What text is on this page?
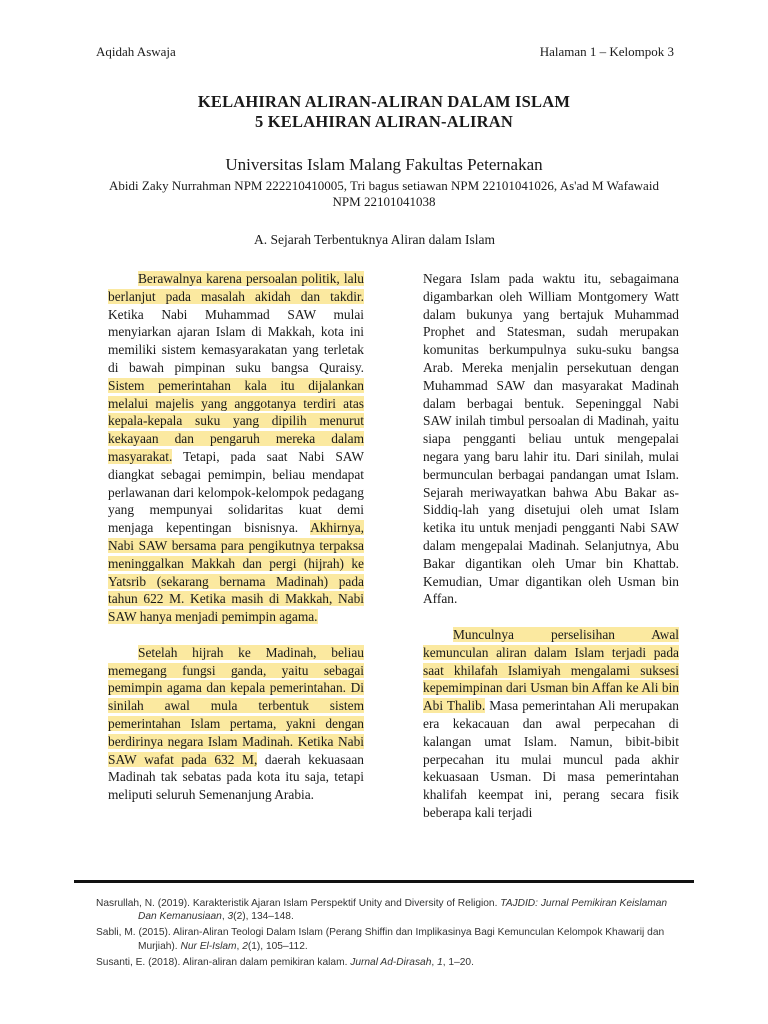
Aqidah Aswaja	Halaman 1 – Kelompok 3
KELAHIRAN ALIRAN-ALIRAN DALAM ISLAM
5 KELAHIRAN ALIRAN-ALIRAN
Universitas Islam Malang Fakultas Peternakan
Abidi Zaky Nurrahman NPM 222210410005, Tri bagus setiawan NPM 22101041026, As'ad M Wafawaid NPM 22101041038
A. Sejarah Terbentuknya Aliran dalam Islam

Berawalnya karena persoalan politik, lalu berlanjut pada masalah akidah dan takdir. Ketika Nabi Muhammad SAW mulai menyiarkan ajaran Islam di Makkah, kota ini memiliki sistem kemasyarakatan yang terletak di bawah pimpinan suku bangsa Quraisy. Sistem pemerintahan kala itu dijalankan melalui majelis yang anggotanya terdiri atas kepala-kepala suku yang dipilih menurut kekayaan dan pengaruh mereka dalam masyarakat. Tetapi, pada saat Nabi SAW diangkat sebagai pemimpin, beliau mendapat perlawanan dari kelompok-kelompok pedagang yang mempunyai solidaritas kuat demi menjaga kepentingan bisnisnya. Akhirnya, Nabi SAW bersama para pengikutnya terpaksa meninggalkan Makkah dan pergi (hijrah) ke Yatsrib (sekarang bernama Madinah) pada tahun 622 M. Ketika masih di Makkah, Nabi SAW hanya menjadi pemimpin agama.

Setelah hijrah ke Madinah, beliau memegang fungsi ganda, yaitu sebagai pemimpin agama dan kepala pemerintahan. Di sinilah awal mula terbentuk sistem pemerintahan Islam pertama, yakni dengan berdirinya negara Islam Madinah. Ketika Nabi SAW wafat pada 632 M, daerah kekuasaan Madinah tak sebatas pada kota itu saja, tetapi meliputi seluruh Semenanjung Arabia.

Negara Islam pada waktu itu, sebagaimana digambarkan oleh William Montgomery Watt dalam bukunya yang bertajuk Muhammad Prophet and Statesman, sudah merupakan komunitas berkumpulnya suku-suku bangsa Arab. Mereka menjalin persekutuan dengan Muhammad SAW dan masyarakat Madinah dalam berbagai bentuk. Sepeninggal Nabi SAW inilah timbul persoalan di Madinah, yaitu siapa pengganti beliau untuk mengepalai negara yang baru lahir itu. Dari sinilah, mulai bermunculan berbagai pandangan umat Islam. Sejarah meriwayatkan bahwa Abu Bakar as-Siddiq-lah yang disetujui oleh umat Islam ketika itu untuk menjadi pengganti Nabi SAW dalam mengepalai Madinah. Selanjutnya, Abu Bakar digantikan oleh Umar bin Khattab. Kemudian, Umar digantikan oleh Usman bin Affan.

Munculnya perselisihan Awal kemunculan aliran dalam Islam terjadi pada saat khilafah Islamiyah mengalami suksesi kepemimpinan dari Usman bin Affan ke Ali bin Abi Thalib. Masa pemerintahan Ali merupakan era kekacauan dan awal perpecahan di kalangan umat Islam. Namun, bibit-bibit perpecahan itu mulai muncul pada akhir kekuasaan Usman. Di masa pemerintahan khalifah keempat ini, perang secara fisik beberapa kali terjadi

Nasrullah, N. (2019). Karakteristik Ajaran Islam Perspektif Unity and Diversity of Religion. TAJDID: Jurnal Pemikiran Keislaman Dan Kemanusiaan, 3(2), 134–148.
Sabli, M. (2015). Aliran-Aliran Teologi Dalam Islam (Perang Shiffin dan Implikasinya Bagi Kemunculan Kelompok Khawarij dan Murjiah). Nur El-Islam, 2(1), 105–112.
Susanti, E. (2018). Aliran-aliran dalam pemikiran kalam. Jurnal Ad-Dirasah, 1, 1–20.
